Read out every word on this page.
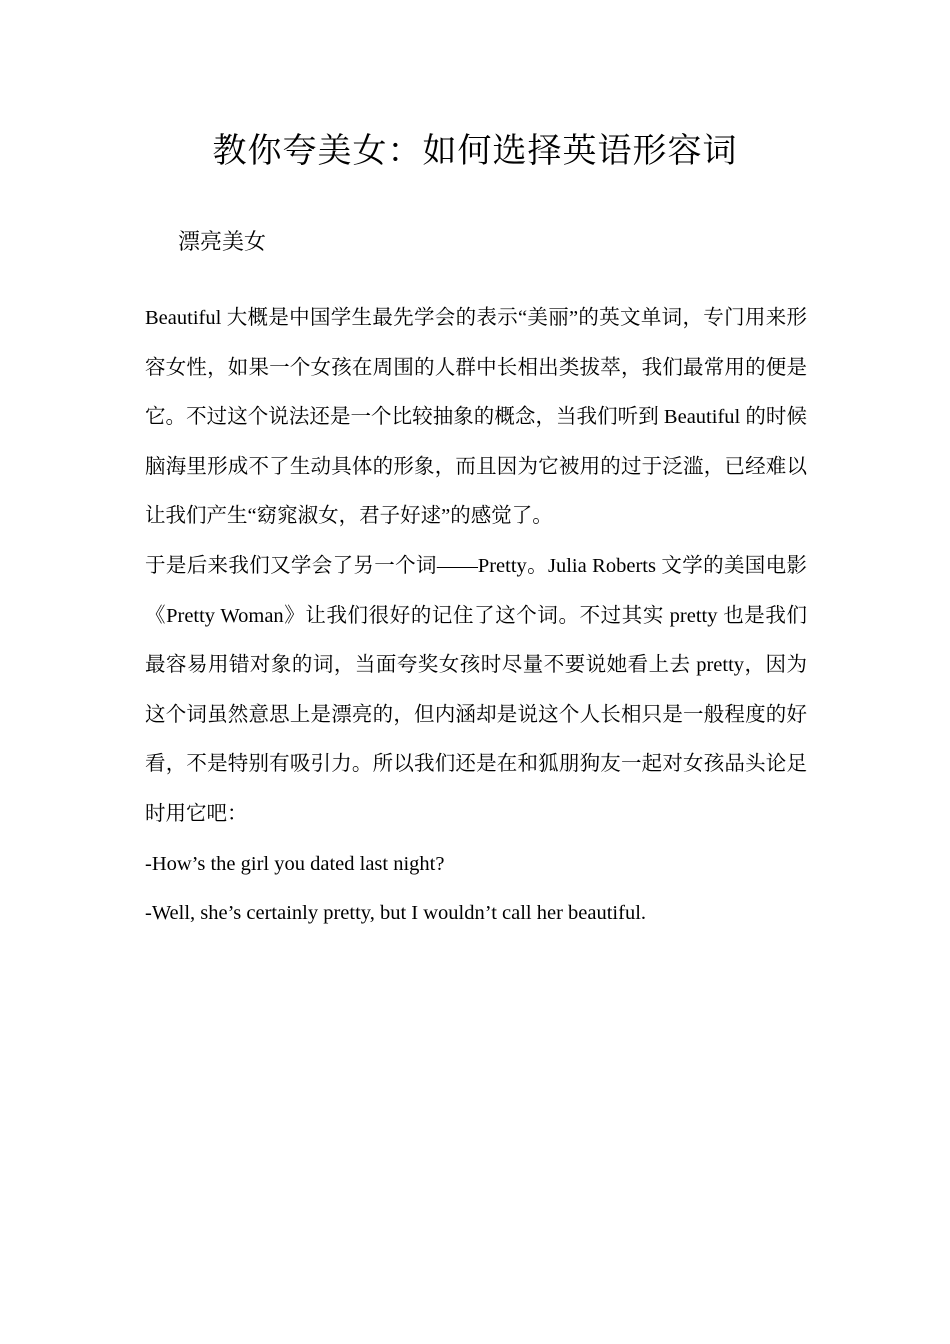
教你夸美女：如何选择英语形容词
漂亮美女

Beautiful 大概是中国学生最先学会的表示“美丽”的英文单词，专门用来形容女性，如果一个女孩在周围的人群中长相出类拔萃，我们最常用的便是它。不过这个说法还是一个比较抽象的概念，当我们听到 Beautiful 的时候脑海里形成不了生动具体的形象，而且因为它被用的过于泛滥，已经难以让我们产生“窈窕淑女，君子好逑”的感觉了。

于是后来我们又学会了另一个词——Pretty。Julia Roberts 文学的美国电影《Pretty Woman》让我们很好的记住了这个词。不过其实 pretty 也是我们最容易用错对象的词，当面夸奖女孩时尽量不要说她看上去 pretty，因为这个词虽然意思上是漂亮的，但内涵却是说这个人长相只是一般程度的好看，不是特别有吸引力。所以我们还是在和狐朋狗友一起对女孩品头论足时用它吧：

-How’s the girl you dated last night?

-Well, she’s certainly pretty, but I wouldn’t call her beautiful.
